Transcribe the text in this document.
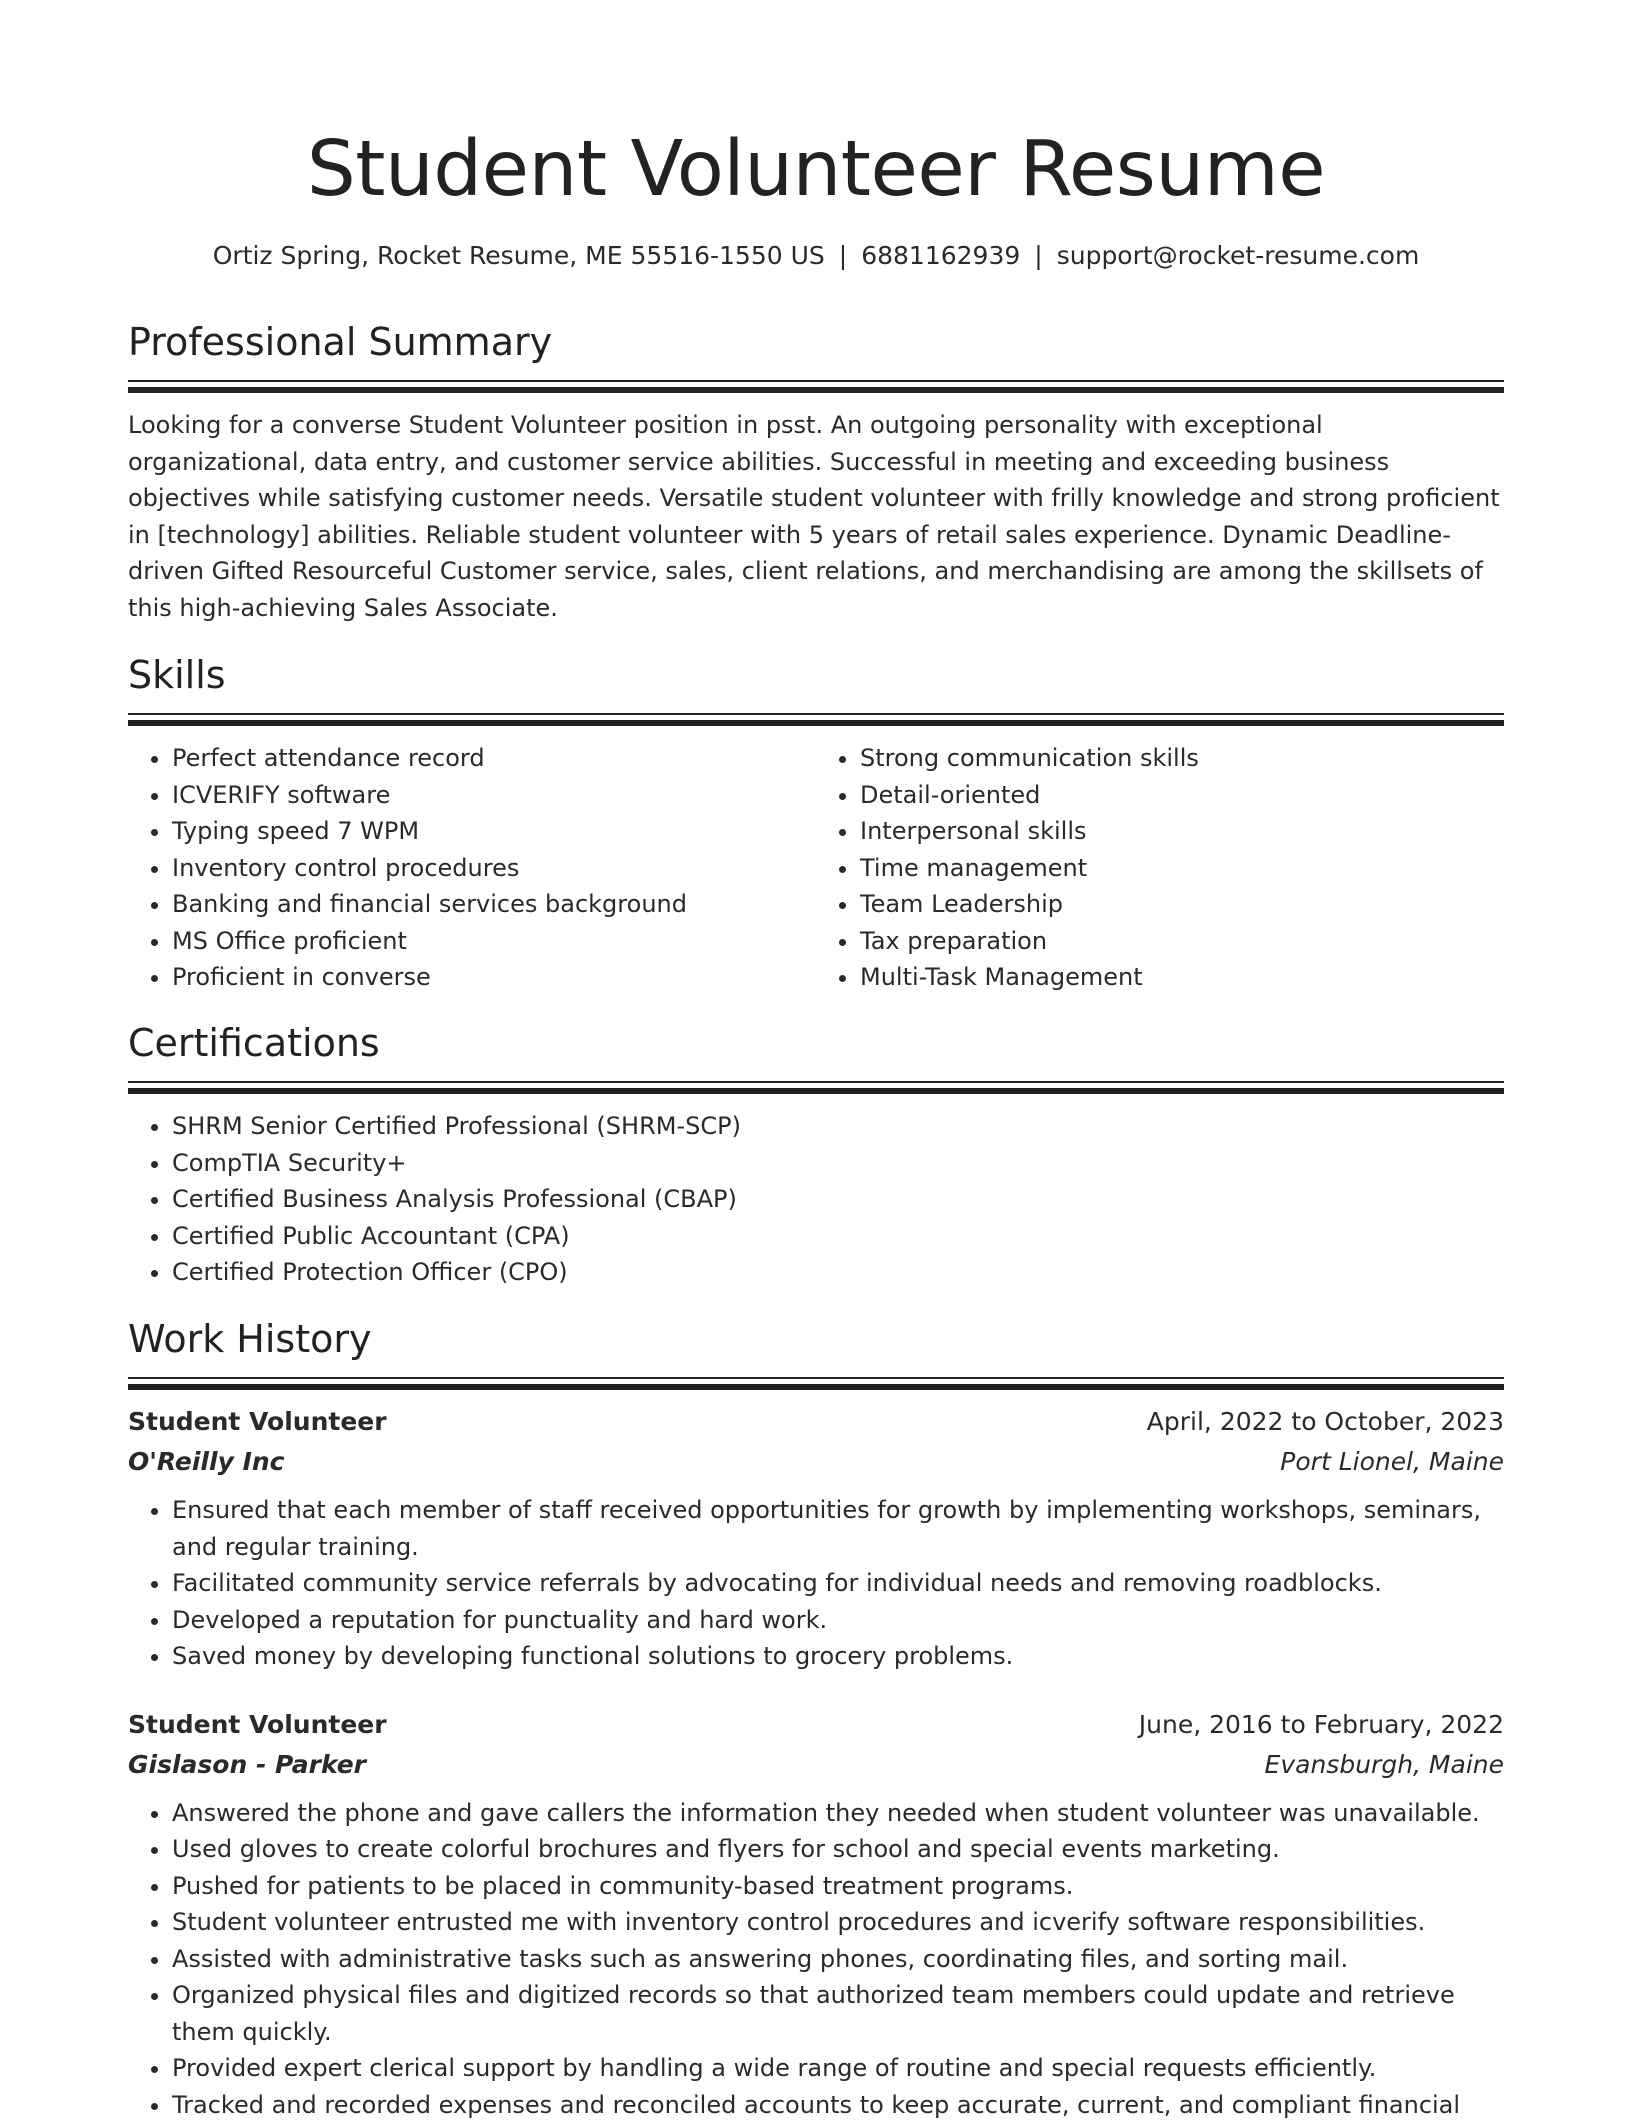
Student Volunteer Resume
Ortiz Spring, Rocket Resume, ME 55516-1550 US | 6881162939 | support@rocket-resume.com
Professional Summary

Looking for a converse Student Volunteer position in psst. An outgoing personality with exceptional organizational, data entry, and customer service abilities. Successful in meeting and exceeding business objectives while satisfying customer needs. Versatile student volunteer with frilly knowledge and strong proficient in [technology] abilities. Reliable student volunteer with 5 years of retail sales experience. Dynamic Deadline-driven Gifted Resourceful Customer service, sales, client relations, and merchandising are among the skillsets of this high-achieving Sales Associate.

Skills
• Perfect attendance record
• ICVERIFY software
• Typing speed 7 WPM
• Inventory control procedures
• Banking and financial services background
• MS Office proficient
• Proficient in converse
• Strong communication skills
• Detail-oriented
• Interpersonal skills
• Time management
• Team Leadership
• Tax preparation
• Multi-Task Management
Certifications
• SHRM Senior Certified Professional (SHRM-SCP)
• CompTIA Security+
• Certified Business Analysis Professional (CBAP)
• Certified Public Accountant (CPA)
• Certified Protection Officer (CPO)
Work History
Student Volunteer	April, 2022 to October, 2023
O'Reilly Inc	Port Lionel, Maine
• Ensured that each member of staff received opportunities for growth by implementing workshops, seminars, and regular training.
• Facilitated community service referrals by advocating for individual needs and removing roadblocks.
• Developed a reputation for punctuality and hard work.
• Saved money by developing functional solutions to grocery problems.
Student Volunteer	June, 2016 to February, 2022
Gislason - Parker	Evansburgh, Maine
• Answered the phone and gave callers the information they needed when student volunteer was unavailable.
• Used gloves to create colorful brochures and flyers for school and special events marketing.
• Pushed for patients to be placed in community-based treatment programs.
• Student volunteer entrusted me with inventory control procedures and icverify software responsibilities.
• Assisted with administrative tasks such as answering phones, coordinating files, and sorting mail.
• Organized physical files and digitized records so that authorized team members could update and retrieve them quickly.
• Provided expert clerical support by handling a wide range of routine and special requests efficiently.
• Tracked and recorded expenses and reconciled accounts to keep accurate, current, and compliant financial
